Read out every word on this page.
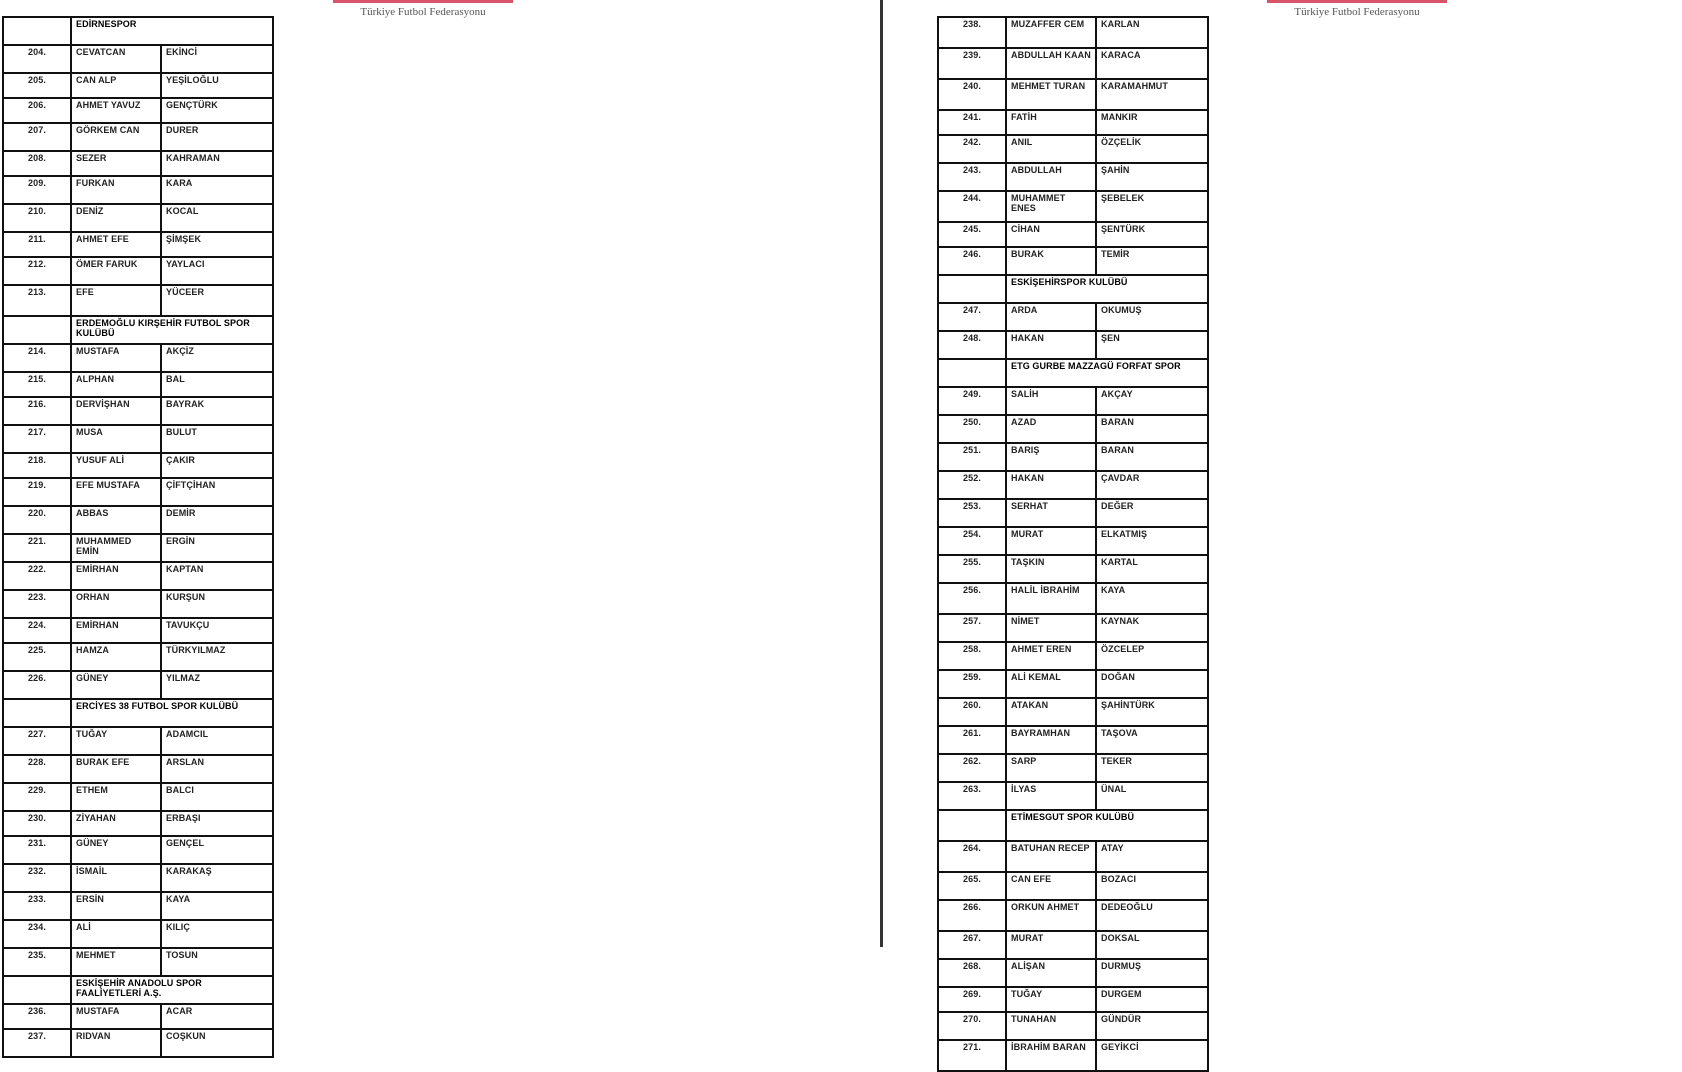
Türkiye Futbol Federasyonu
	EDİRNESPOR	
204.	CEVATCAN	EKİNCİ
205.	CAN ALP	YEŞİLOĞLU
206.	AHMET YAVUZ	GENÇTÜRK
207.	GÖRKEM CAN	DURER
208.	SEZER	KAHRAMAN
209.	FURKAN	KARA
210.	DENİZ	KOCAL
211.	AHMET EFE	ŞİMŞEK
212.	ÖMER FARUK	YAYLACI
213.	EFE	YÜCEER
	ERDEMOĞLU KIRŞEHİR FUTBOL SPOR KULÜBÜ	
214.	MUSTAFA	AKÇİZ
215.	ALPHAN	BAL
216.	DERVİŞHAN	BAYRAK
217.	MUSA	BULUT
218.	YUSUF ALİ	ÇAKIR
219.	EFE MUSTAFA	ÇİFTÇİHAN
220.	ABBAS	DEMİR
221.	MUHAMMED EMİN	ERGİN
222.	EMİRHAN	KAPTAN
223.	ORHAN	KURŞUN
224.	EMİRHAN	TAVUKÇU
225.	HAMZA	TÜRKYILMAZ
226.	GÜNEY	YILMAZ
	ERCİYES 38 FUTBOL SPOR KULÜBÜ	
227.	TUĞAY	ADAMCIL
228.	BURAK EFE	ARSLAN
229.	ETHEM	BALCI
230.	ZİYAHAN	ERBAŞI
231.	GÜNEY	GENÇEL
232.	İSMAİL	KARAKAŞ
233.	ERSİN	KAYA
234.	ALİ	KILIÇ
235.	MEHMET	TOSUN
	ESKİŞEHİR ANADOLU SPOR FAALİYETLERİ A.Ş.	
236.	MUSTAFA	ACAR
237.	RIDVAN	COŞKUN
Türkiye Futbol Federasyonu
238.	MUZAFFER CEM	KARLAN
239.	ABDULLAH KAAN	KARACA
240.	MEHMET TURAN	KARAMAHMUT
241.	FATİH	MANKIR
242.	ANIL	ÖZÇELİK
243.	ABDULLAH	ŞAHİN
244.	MUHAMMET ENES	ŞEBELEK
245.	CİHAN	ŞENTÜRK
246.	BURAK	TEMİR
	ESKİŞEHİRSPOR KULÜBÜ	
247.	ARDA	OKUMUŞ
248.	HAKAN	ŞEN
	ETG GURBE MAZZAGÜ FORFAT SPOR	
249.	SALİH	AKÇAY
250.	AZAD	BARAN
251.	BARIŞ	BARAN
252.	HAKAN	ÇAVDAR
253.	SERHAT	DEĞER
254.	MURAT	ELKATMIŞ
255.	TAŞKIN	KARTAL
256.	HALİL İBRAHİM	KAYA
257.	NİMET	KAYNAK
258.	AHMET EREN	ÖZCELEP
259.	ALİ KEMAL	DOĞAN
260.	ATAKAN	ŞAHİNTÜRK
261.	BAYRAMHAN	TAŞOVA
262.	SARP	TEKER
263.	İLYAS	ÜNAL
	ETİMESGUT SPOR KULÜBÜ	
264.	BATUHAN RECEP	ATAY
265.	CAN EFE	BOZACI
266.	ORKUN AHMET	DEDEOĞLU
267.	MURAT	DOKSAL
268.	ALİŞAN	DURMUŞ
269.	TUĞAY	DURGEM
270.	TUNAHAN	GÜNDÜR
271.	İBRAHİM BARAN	GEYİKCİ
